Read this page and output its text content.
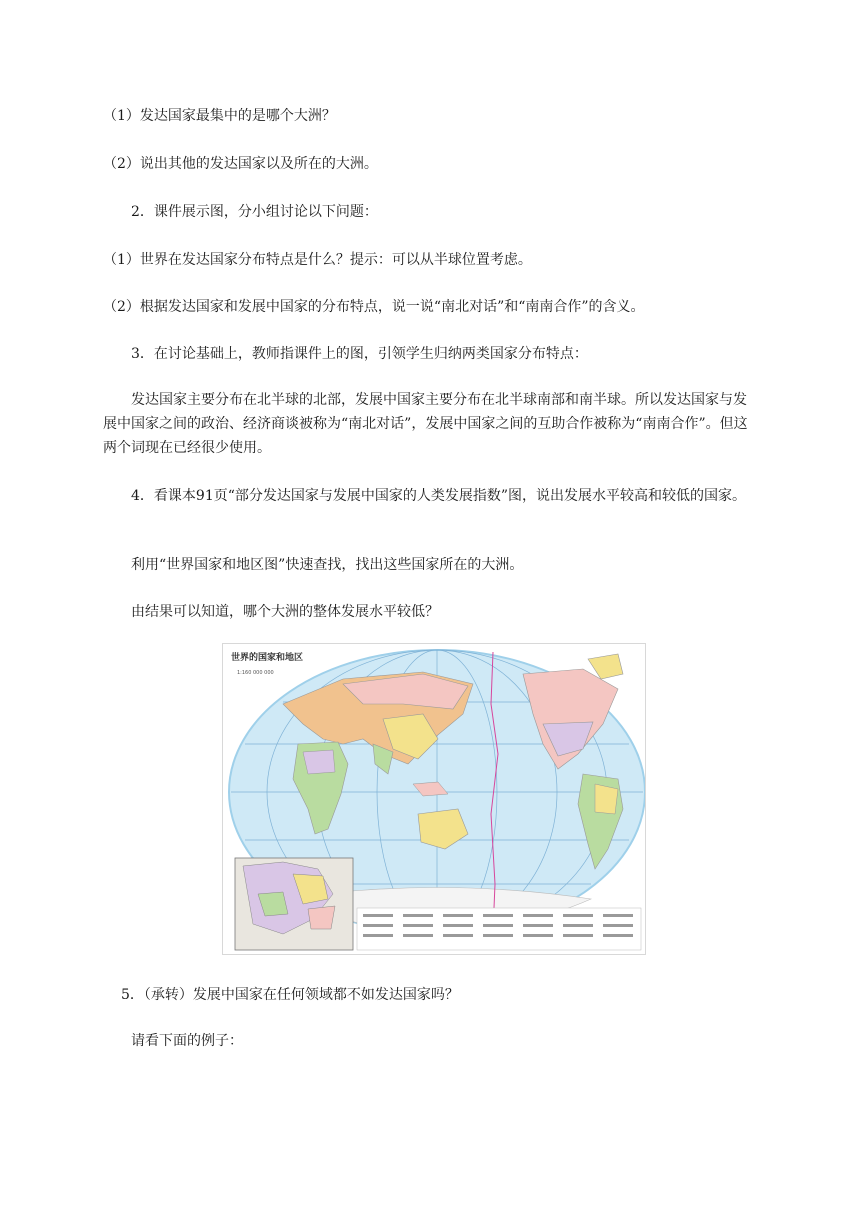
（1）发达国家最集中的是哪个大洲？

（2）说出其他的发达国家以及所在的大洲。

2．课件展示图，分小组讨论以下问题：

（1）世界在发达国家分布特点是什么？提示：可以从半球位置考虑。

（2）根据发达国家和发展中国家的分布特点，说一说“南北对话”和“南南合作”的含义。

3．在讨论基础上，教师指课件上的图，引领学生归纳两类国家分布特点：

发达国家主要分布在北半球的北部，发展中国家主要分布在北半球南部和南半球。所以发达国家与发展中国家之间的政治、经济商谈被称为“南北对话”，发展中国家之间的互助合作被称为“南南合作”。但这两个词现在已经很少使用。

4．看课本91页“部分发达国家与发展中国家的人类发展指数”图，说出发展水平较高和较低的国家。

利用“世界国家和地区图”快速查找，找出这些国家所在的大洲。

由结果可以知道，哪个大洲的整体发展水平较低？

世界的国家和地区
1:160 000 000

5．（承转）发展中国家在任何领域都不如发达国家吗？

请看下面的例子：
